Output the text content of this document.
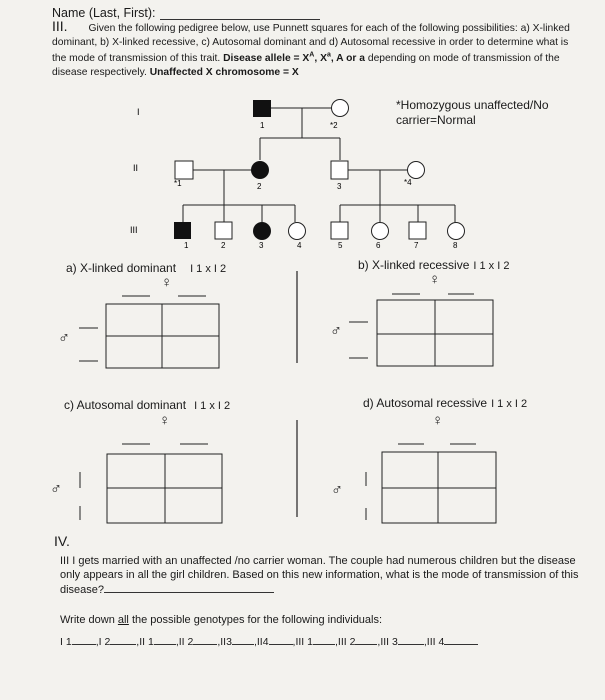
Name (Last, First):
III. Given the following pedigree below, use Punnett squares for each of the following possibilities: a) X-linked dominant, b) X-linked recessive, c) Autosomal dominant and d) Autosomal recessive in order to determine what is the mode of transmission of this trait. Disease allele = $X^A$, $X^a$, A or a depending on mode of transmission of the disease respectively. Unaffected X chromosome = X
*Homozygous unaffected/No
carrier=Normal
I
II
III
1	*2
*1	2	3	*4
1	2	3	4	5	6	7	8
a) X-linked dominant I 1 x I 2
♀
♂
b) X-linked recessive I 1 x I 2
♀
♂
c) Autosomal dominant I 1 x I 2
♀
♂
d) Autosomal recessive I 1 x I 2
♀
♂
IV.
III I gets married with an unaffected /no carrier woman. The couple had numerous children but the disease only appears in all the girl children. Based on this new information, what is the mode of transmission of this disease?
Write down all the possible genotypes for the following individuals:
I 1 ,I 2 ,II 1 ,II 2 ,II3 ,II4 ,III 1 ,III 2 ,III 3 ,III 4
